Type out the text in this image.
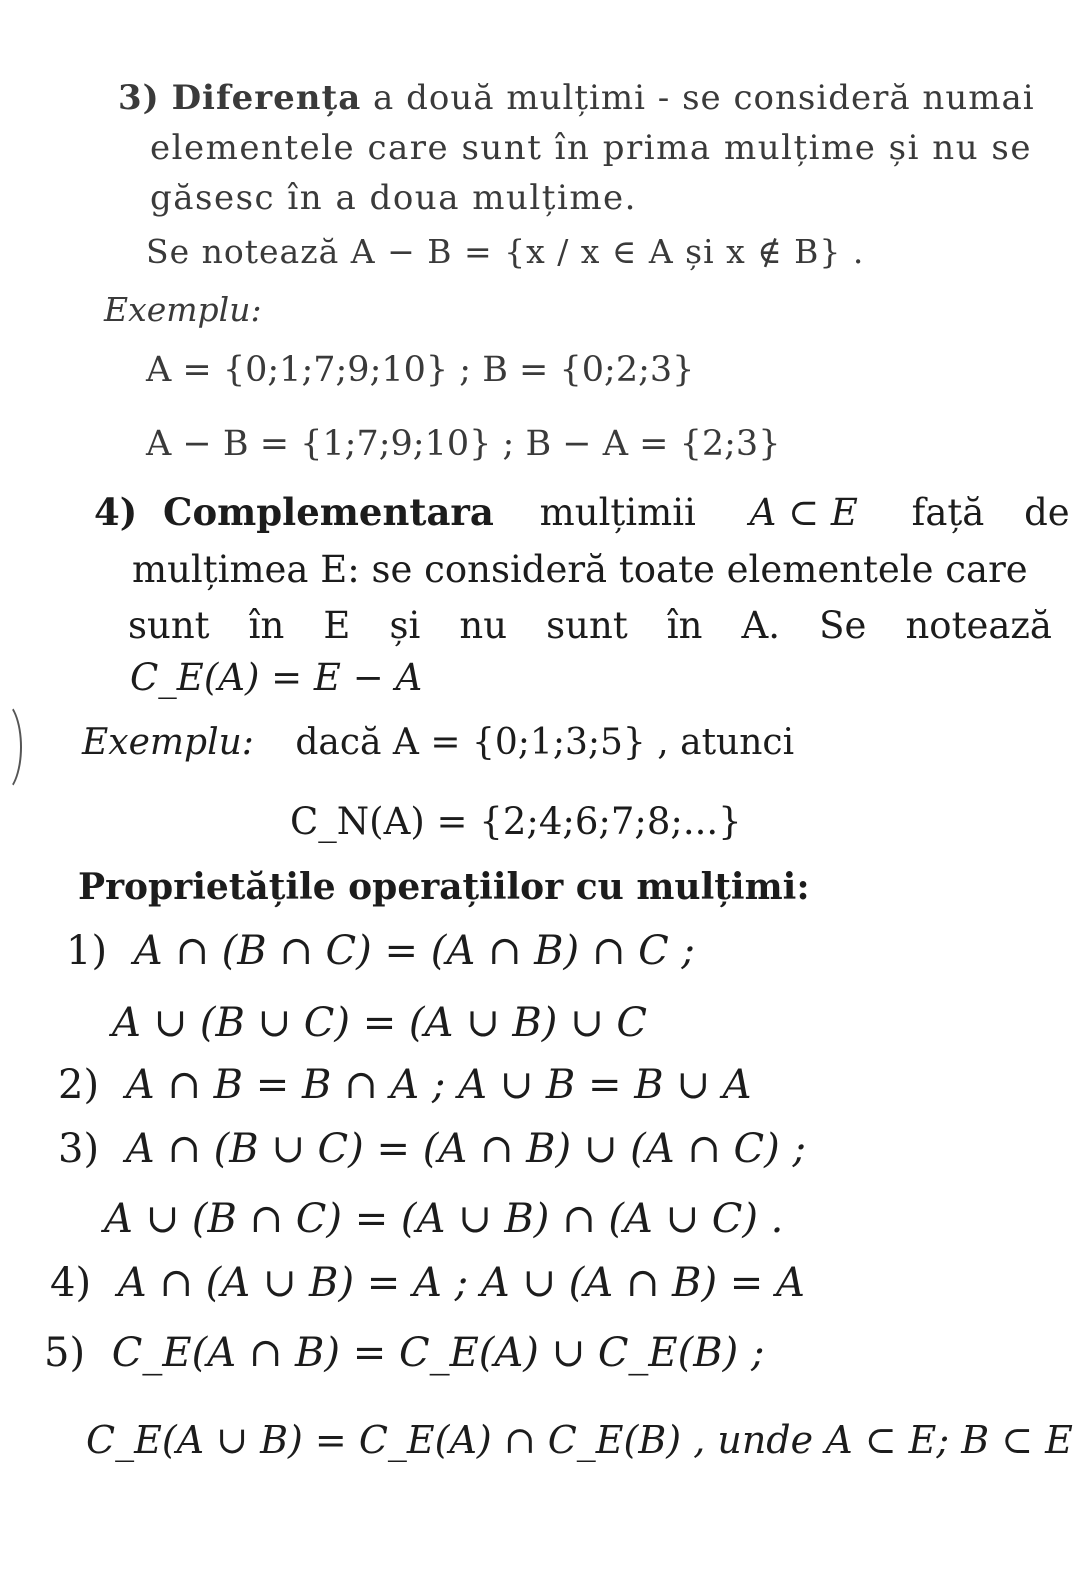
3) Diferența a două mulțimi - se consideră numai
elementele care sunt în prima mulțime și nu se
găsesc în a doua mulțime.
Se notează A − B = {x / x ∈ A și x ∉ B} .
Exemplu:
A = {0;1;7;9;10} ; B = {0;2;3}
A − B = {1;7;9;10} ; B − A = {2;3}
4) Complementara mulțimii A ⊂ E față de
mulțimea E: se consideră toate elementele care
sunt în E și nu sunt în A. Se notează
C_E(A) = E − A
Exemplu: dacă A = {0;1;3;5} , atunci
C_N(A) = {2;4;6;7;8;...}
Proprietățile operațiilor cu mulțimi:
1) A ∩ (B ∩ C) = (A ∩ B) ∩ C ;
A ∪ (B ∪ C) = (A ∪ B) ∪ C
2) A ∩ B = B ∩ A ; A ∪ B = B ∪ A
3) A ∩ (B ∪ C) = (A ∩ B) ∪ (A ∩ C) ;
A ∪ (B ∩ C) = (A ∪ B) ∩ (A ∪ C) .
4) A ∩ (A ∪ B) = A ; A ∪ (A ∩ B) = A
5) C_E(A ∩ B) = C_E(A) ∪ C_E(B) ;
C_E(A ∪ B) = C_E(A) ∩ C_E(B) , unde A ⊂ E; B ⊂ E
